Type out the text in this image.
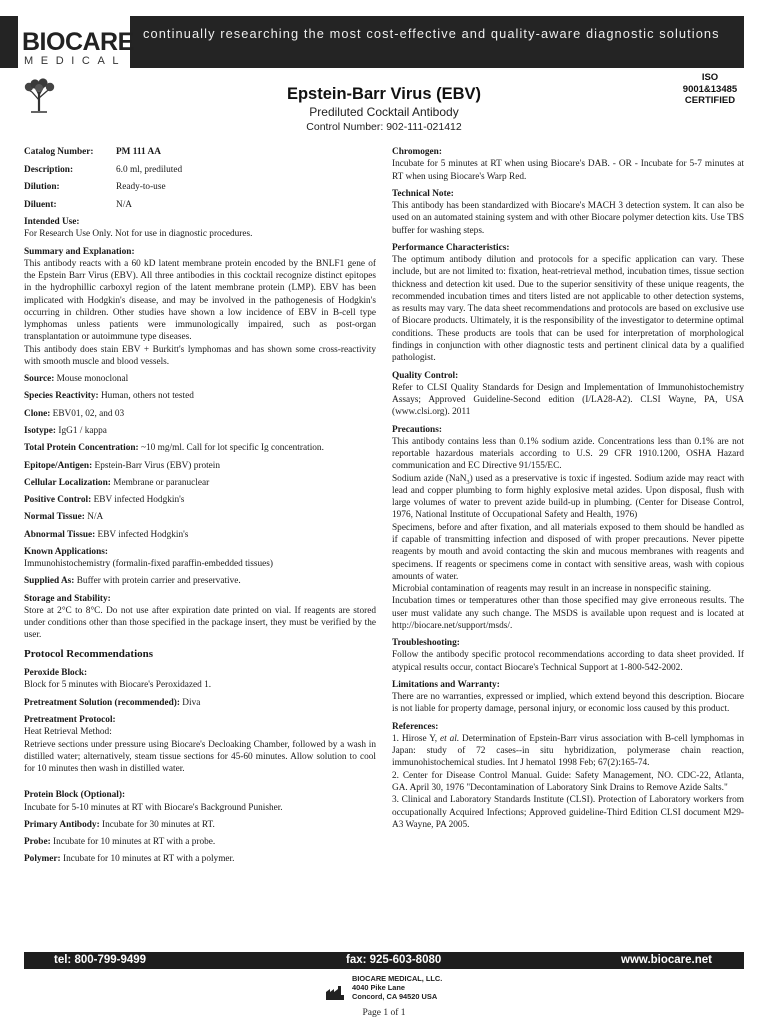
continually researching the most cost-effective and quality-aware diagnostic solutions
BIOCARE
MEDICAL
Epstein-Barr Virus (EBV)
Prediluted Cocktail Antibody
Control Number: 902-111-021412
ISO
9001&13485
CERTIFIED
Catalog Number:	PM 111 AA
Description:	6.0 ml, prediluted
Dilution:	Ready-to-use
Diluent:	N/A
Intended Use:

For Research Use Only. Not for use in diagnostic procedures.

Summary and Explanation:

This antibody reacts with a 60 kD latent membrane protein encoded by the BNLF1 gene of the Epstein Barr Virus (EBV). All three antibodies in this cocktail recognize distinct epitopes in the hydrophillic carboxyl region of the latent membrane protein (LMP). EBV has been implicated with Hodgkin's disease, and may be involved in the pathogenesis of Hodgkin's occurring in children. Other studies have shown a low incidence of EBV in B-cell type lymphomas unless patients were immunologically impaired, such as post-organ transplantation or autoimmune type diseases.

This antibody does stain EBV + Burkitt's lymphomas and has shown some cross-reactivity with smooth muscle and blood vessels.

Source: Mouse monoclonal
Species Reactivity: Human, others not tested
Clone: EBV01, 02, and 03
Isotype: IgG1 / kappa
Total Protein Concentration: ~10 mg/ml. Call for lot specific Ig concentration.
Epitope/Antigen: Epstein-Barr Virus (EBV) protein
Cellular Localization: Membrane or paranuclear
Positive Control: EBV infected Hodgkin's
Normal Tissue: N/A
Abnormal Tissue: EBV infected Hodgkin's
Known Applications:

Immunohistochemistry (formalin-fixed paraffin-embedded tissues)

Supplied As: Buffer with protein carrier and preservative.
Storage and Stability:

Store at 2°C to 8°C. Do not use after expiration date printed on vial. If reagents are stored under conditions other than those specified in the package insert, they must be verified by the user.

Protocol Recommendations
Peroxide Block:

Block for 5 minutes with Biocare's Peroxidazed 1.

Pretreatment Solution (recommended): Diva
Pretreatment Protocol:

Heat Retrieval Method:

Retrieve sections under pressure using Biocare's Decloaking Chamber, followed by a wash in distilled water; alternatively, steam tissue sections for 45-60 minutes. Allow solution to cool for 10 minutes then wash in distilled water.

Protein Block (Optional):

Incubate for 5-10 minutes at RT with Biocare's Background Punisher.

Primary Antibody: Incubate for 30 minutes at RT.
Probe: Incubate for 10 minutes at RT with a probe.
Polymer: Incubate for 10 minutes at RT with a polymer.
Chromogen:

Incubate for 5 minutes at RT when using Biocare's DAB. - OR - Incubate for 5-7 minutes at RT when using Biocare's Warp Red.

Technical Note:

This antibody has been standardized with Biocare's MACH 3 detection system. It can also be used on an automated staining system and with other Biocare polymer detection kits. Use TBS buffer for washing steps.

Performance Characteristics:

The optimum antibody dilution and protocols for a specific application can vary. These include, but are not limited to: fixation, heat-retrieval method, incubation times, tissue section thickness and detection kit used. Due to the superior sensitivity of these unique reagents, the recommended incubation times and titers listed are not applicable to other detection systems, as results may vary. The data sheet recommendations and protocols are based on exclusive use of Biocare products. Ultimately, it is the responsibility of the investigator to determine optimal conditions. These products are tools that can be used for interpretation of morphological findings in conjunction with other diagnostic tests and pertinent clinical data by a qualified pathologist.

Quality Control:

Refer to CLSI Quality Standards for Design and Implementation of Immunohistochemistry Assays; Approved Guideline-Second edition (I/LA28-A2). CLSI Wayne, PA, USA (www.clsi.org). 2011

Precautions:

This antibody contains less than 0.1% sodium azide. Concentrations less than 0.1% are not reportable hazardous materials according to U.S. 29 CFR 1910.1200, OSHA Hazard communication and EC Directive 91/155/EC.

Sodium azide (NaN$_3$) used as a preservative is toxic if ingested. Sodium azide may react with lead and copper plumbing to form highly explosive metal azides. Upon disposal, flush with large volumes of water to prevent azide build-up in plumbing. (Center for Disease Control, 1976, National Institute of Occupational Safety and Health, 1976)

Specimens, before and after fixation, and all materials exposed to them should be handled as if capable of transmitting infection and disposed of with proper precautions. Never pipette reagents by mouth and avoid contacting the skin and mucous membranes with reagents and specimens. If reagents or specimens come in contact with sensitive areas, wash with copious amounts of water.

Microbial contamination of reagents may result in an increase in nonspecific staining.

Incubation times or temperatures other than those specified may give erroneous results. The user must validate any such change. The MSDS is available upon request and is located at http://biocare.net/support/msds/.

Troubleshooting:

Follow the antibody specific protocol recommendations according to data sheet provided. If atypical results occur, contact Biocare's Technical Support at 1-800-542-2002.

Limitations and Warranty:

There are no warranties, expressed or implied, which extend beyond this description. Biocare is not liable for property damage, personal injury, or economic loss caused by this product.

References:

1. Hirose Y, et al. Determination of Epstein-Barr virus association with B-cell lymphomas in Japan: study of 72 cases--in situ hybridization, polymerase chain reaction, immunohistochemical studies. Int J hematol 1998 Feb; 67(2):165-74.

2. Center for Disease Control Manual. Guide: Safety Management, NO. CDC-22, Atlanta, GA. April 30, 1976 "Decontamination of Laboratory Sink Drains to Remove Azide Salts."

3. Clinical and Laboratory Standards Institute (CLSI). Protection of Laboratory workers from occupationally Acquired Infections; Approved guideline-Third Edition CLSI document M29-A3 Wayne, PA 2005.

tel: 800-799-9499	fax: 925-603-8080	www.biocare.net
BIOCARE MEDICAL, LLC.
4040 Pike Lane
Concord, CA 94520 USA
Page 1 of 1
